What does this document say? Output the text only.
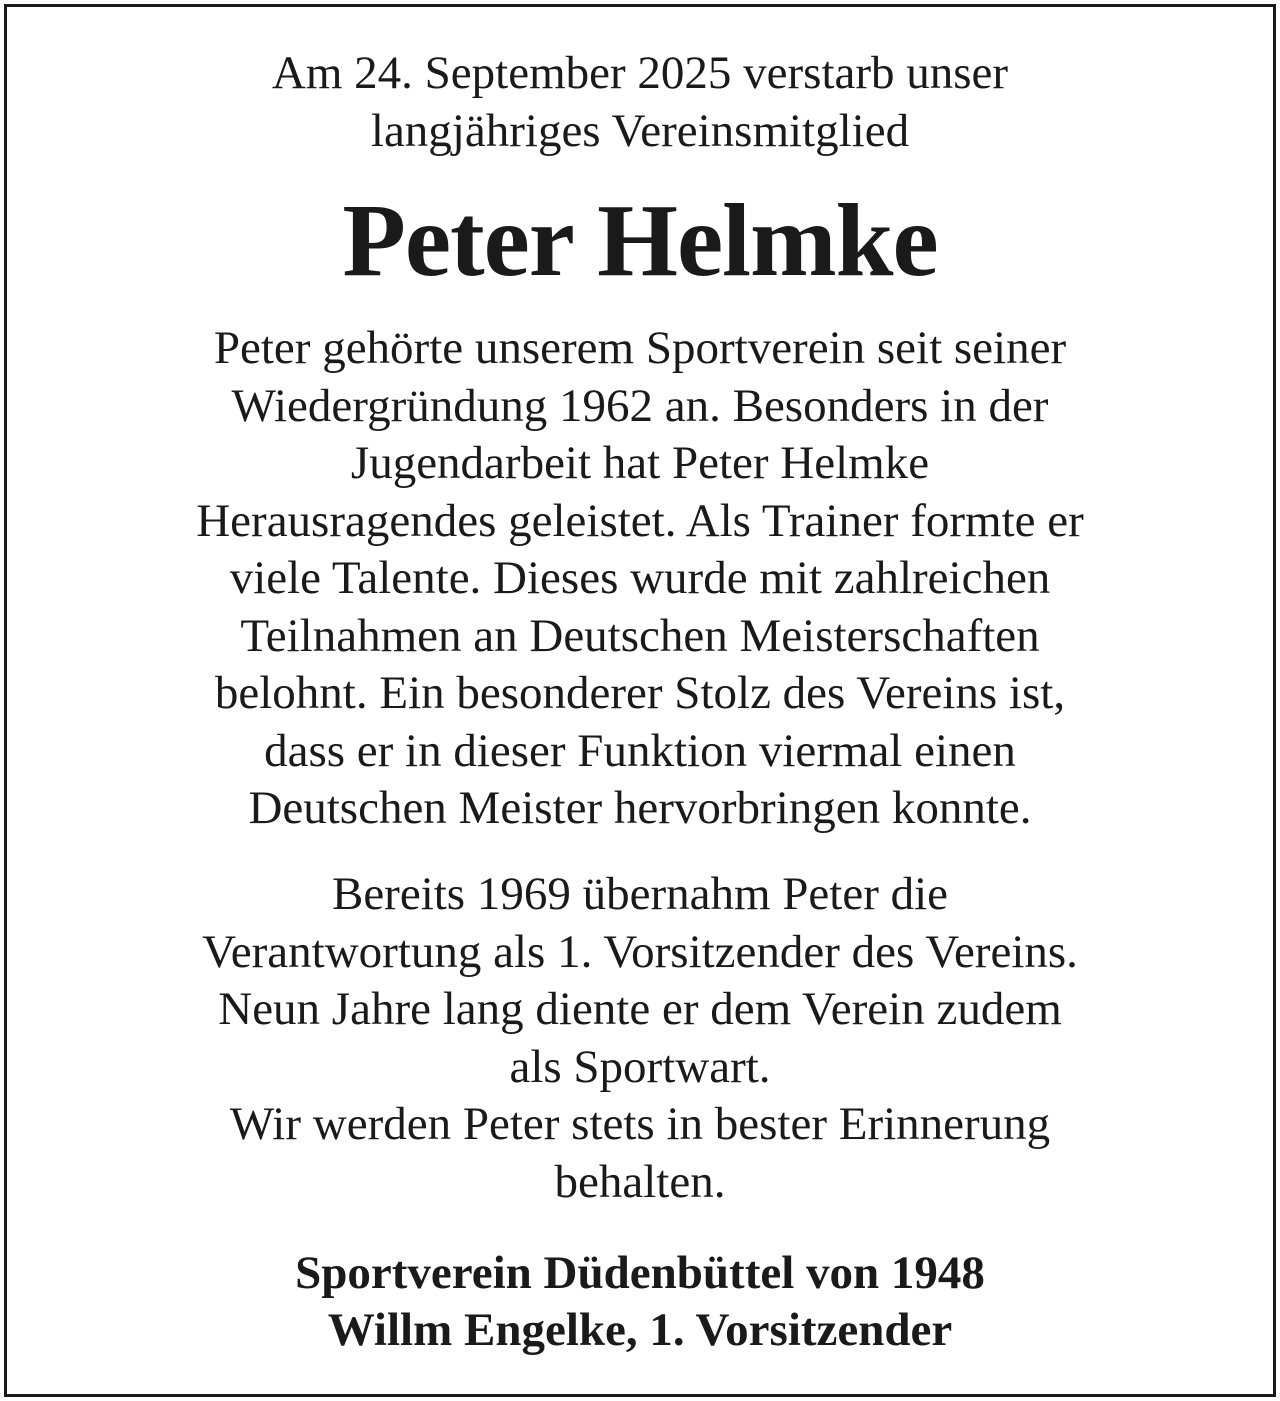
Am 24. September 2025 verstarb unser
langjähriges Vereinsmitglied
Peter Helmke
Peter gehörte unserem Sportverein seit seiner
Wiedergründung 1962 an. Besonders in der
Jugendarbeit hat Peter Helmke
Herausragendes geleistet. Als Trainer formte er
viele Talente. Dieses wurde mit zahlreichen
Teilnahmen an Deutschen Meisterschaften
belohnt. Ein besonderer Stolz des Vereins ist,
dass er in dieser Funktion viermal einen
Deutschen Meister hervorbringen konnte.
Bereits 1969 übernahm Peter die
Verantwortung als 1. Vorsitzender des Vereins.
Neun Jahre lang diente er dem Verein zudem
als Sportwart.
Wir werden Peter stets in bester Erinnerung
behalten.
Sportverein Düdenbüttel von 1948
Willm Engelke, 1. Vorsitzender
